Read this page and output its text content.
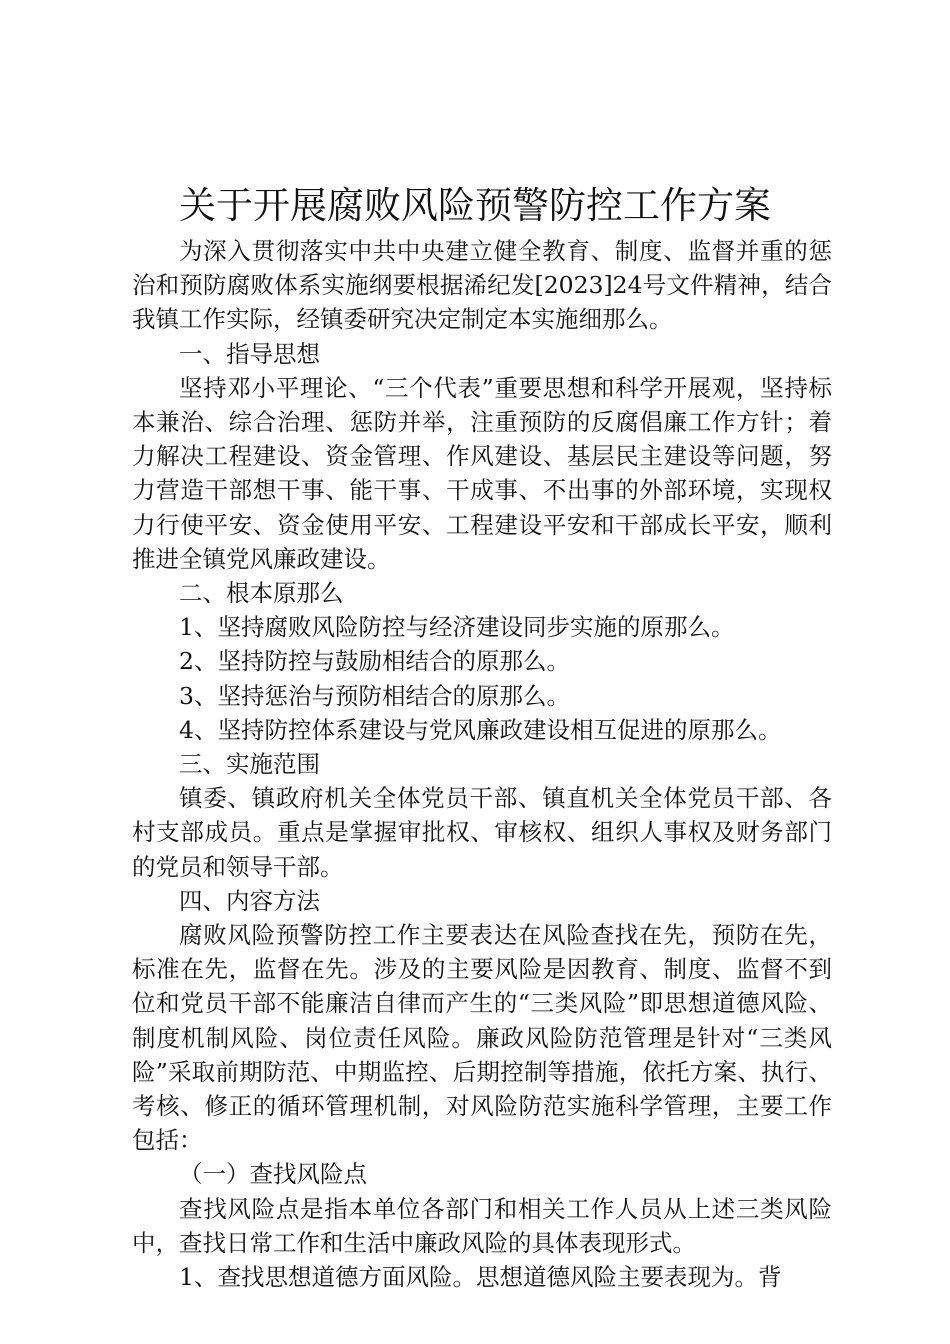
关于开展腐败风险预警防控工作方案

为深入贯彻落实中共中央建立健全教育、制度、监督并重的惩治和预防腐败体系实施纲要根据浠纪发[2023]24号文件精神，结合我镇工作实际，经镇委研究决定制定本实施细那么。

一、指导思想

坚持邓小平理论、“三个代表”重要思想和科学开展观，坚持标本兼治、综合治理、惩防并举，注重预防的反腐倡廉工作方针；着力解决工程建设、资金管理、作风建设、基层民主建设等问题，努力营造干部想干事、能干事、干成事、不出事的外部环境，实现权力行使平安、资金使用平安、工程建设平安和干部成长平安，顺利推进全镇党风廉政建设。

二、根本原那么

1、坚持腐败风险防控与经济建设同步实施的原那么。

2、坚持防控与鼓励相结合的原那么。

3、坚持惩治与预防相结合的原那么。

4、坚持防控体系建设与党风廉政建设相互促进的原那么。

三、实施范围

镇委、镇政府机关全体党员干部、镇直机关全体党员干部、各村支部成员。重点是掌握审批权、审核权、组织人事权及财务部门的党员和领导干部。

四、内容方法

腐败风险预警防控工作主要表达在风险查找在先，预防在先，标准在先，监督在先。涉及的主要风险是因教育、制度、监督不到位和党员干部不能廉洁自律而产生的“三类风险”即思想道德风险、制度机制风险、岗位责任风险。廉政风险防范管理是针对“三类风险”采取前期防范、中期监控、后期控制等措施，依托方案、执行、考核、修正的循环管理机制，对风险防范实施科学管理，主要工作包括：

（一）查找风险点

查找风险点是指本单位各部门和相关工作人员从上述三类风险中，查找日常工作和生活中廉政风险的具体表现形式。

1、查找思想道德方面风险。思想道德风险主要表现为。背
